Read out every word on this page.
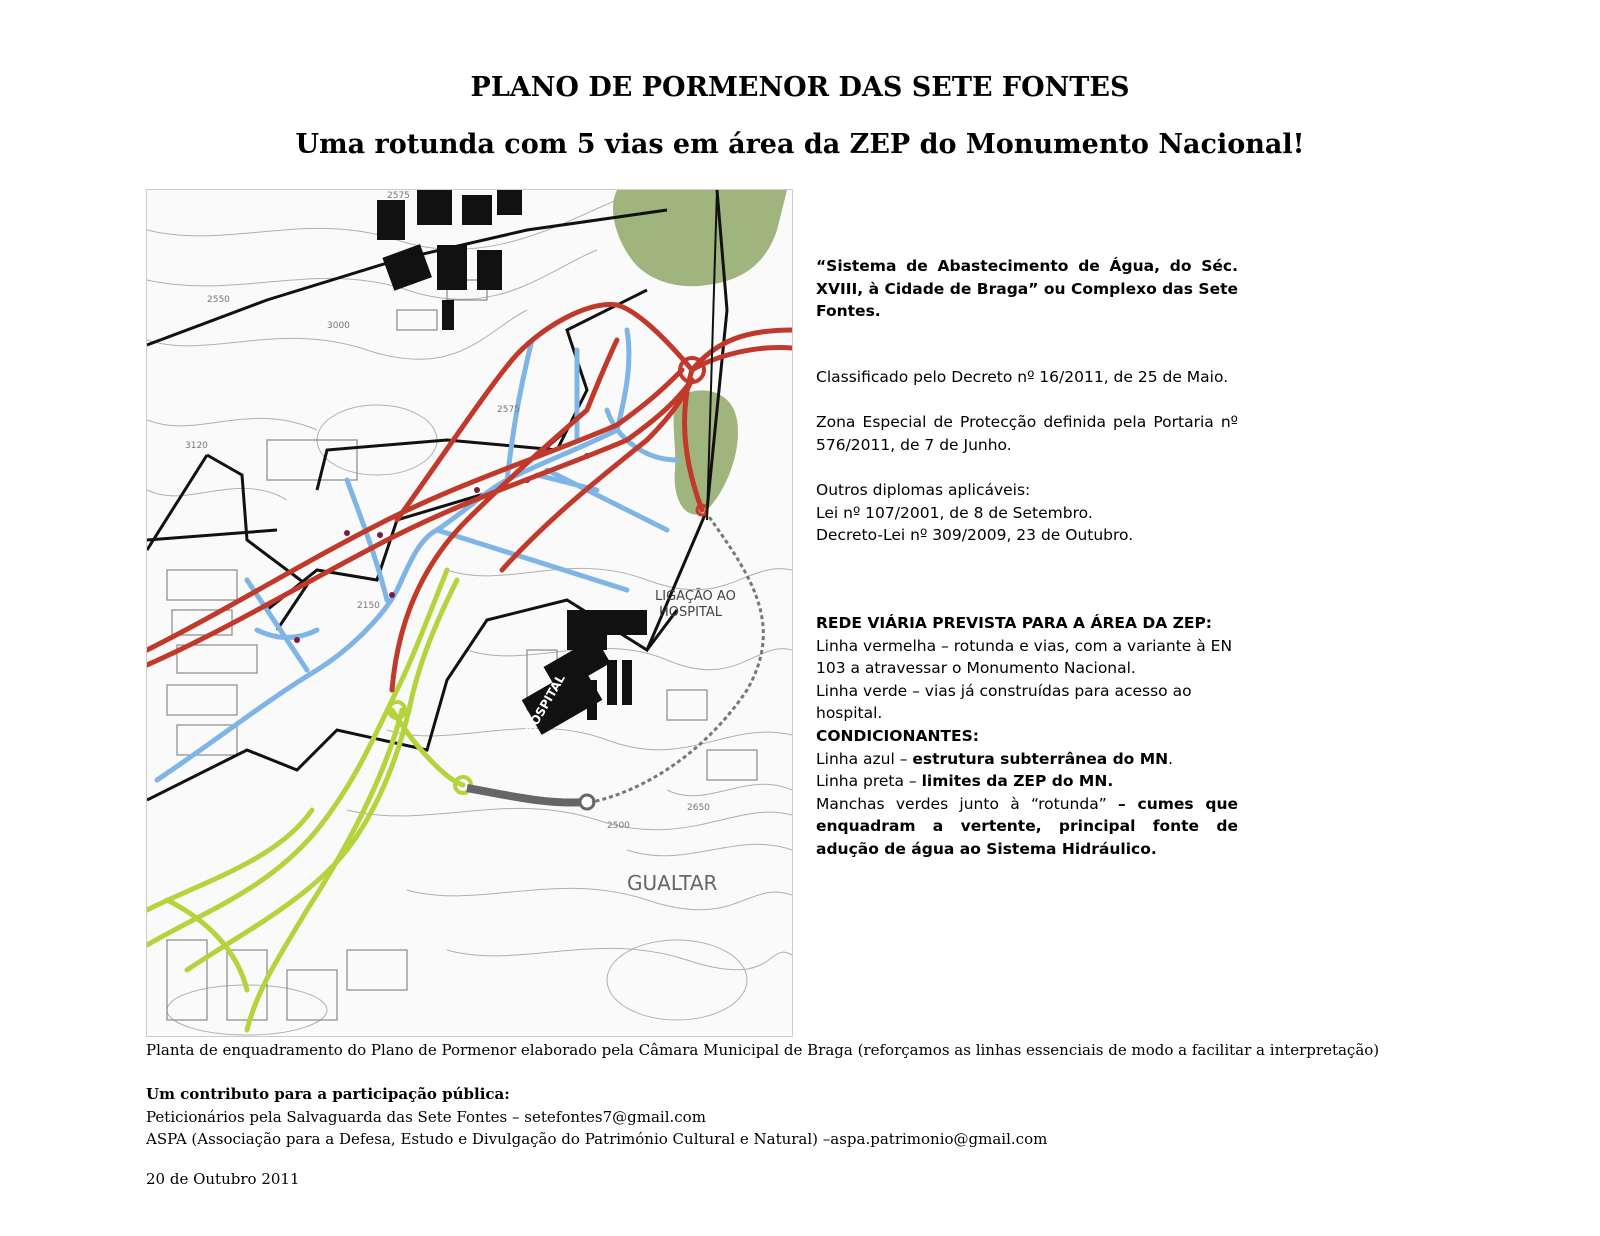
PLANO DE PORMENOR DAS SETE FONTES
Uma rotunda com 5 vias em área da ZEP do Monumento Nacional!
HOSPITAL
LIGAÇÃO AO
HOSPITAL
GUALTAR
2575
3000
3120
2575
2550
2150
2500
2650

“Sistema de Abastecimento de Água, do Séc. XVIII, à Cidade de Braga” ou Complexo das Sete Fontes.

Classificado pelo Decreto nº 16/2011, de 25 de Maio.

Zona Especial de Protecção definida pela Portaria nº 576/2011, de 7 de Junho.

Outros diplomas aplicáveis:

Lei nº 107/2001, de 8 de Setembro.

Decreto-Lei nº 309/2009, 23 de Outubro.

REDE VIÁRIA PREVISTA PARA A ÁREA DA ZEP:

Linha vermelha – rotunda e vias, com a variante à EN 103 a atravessar o Monumento Nacional.

Linha verde – vias já construídas para acesso ao hospital.

CONDICIONANTES:

Linha azul – estrutura subterrânea do MN.

Linha preta – limites da ZEP do MN.

Manchas verdes junto à “rotunda” – cumes que enquadram a vertente, principal fonte de adução de água ao Sistema Hidráulico.

Planta de enquadramento do Plano de Pormenor elaborado pela Câmara Municipal de Braga (reforçamos as linhas essenciais de modo a facilitar a interpretação)

Um contributo para a participação pública:

Peticionários pela Salvaguarda das Sete Fontes – setefontes7@gmail.com

ASPA (Associação para a Defesa, Estudo e Divulgação do Património Cultural e Natural) –aspa.patrimonio@gmail.com

20 de Outubro 2011
